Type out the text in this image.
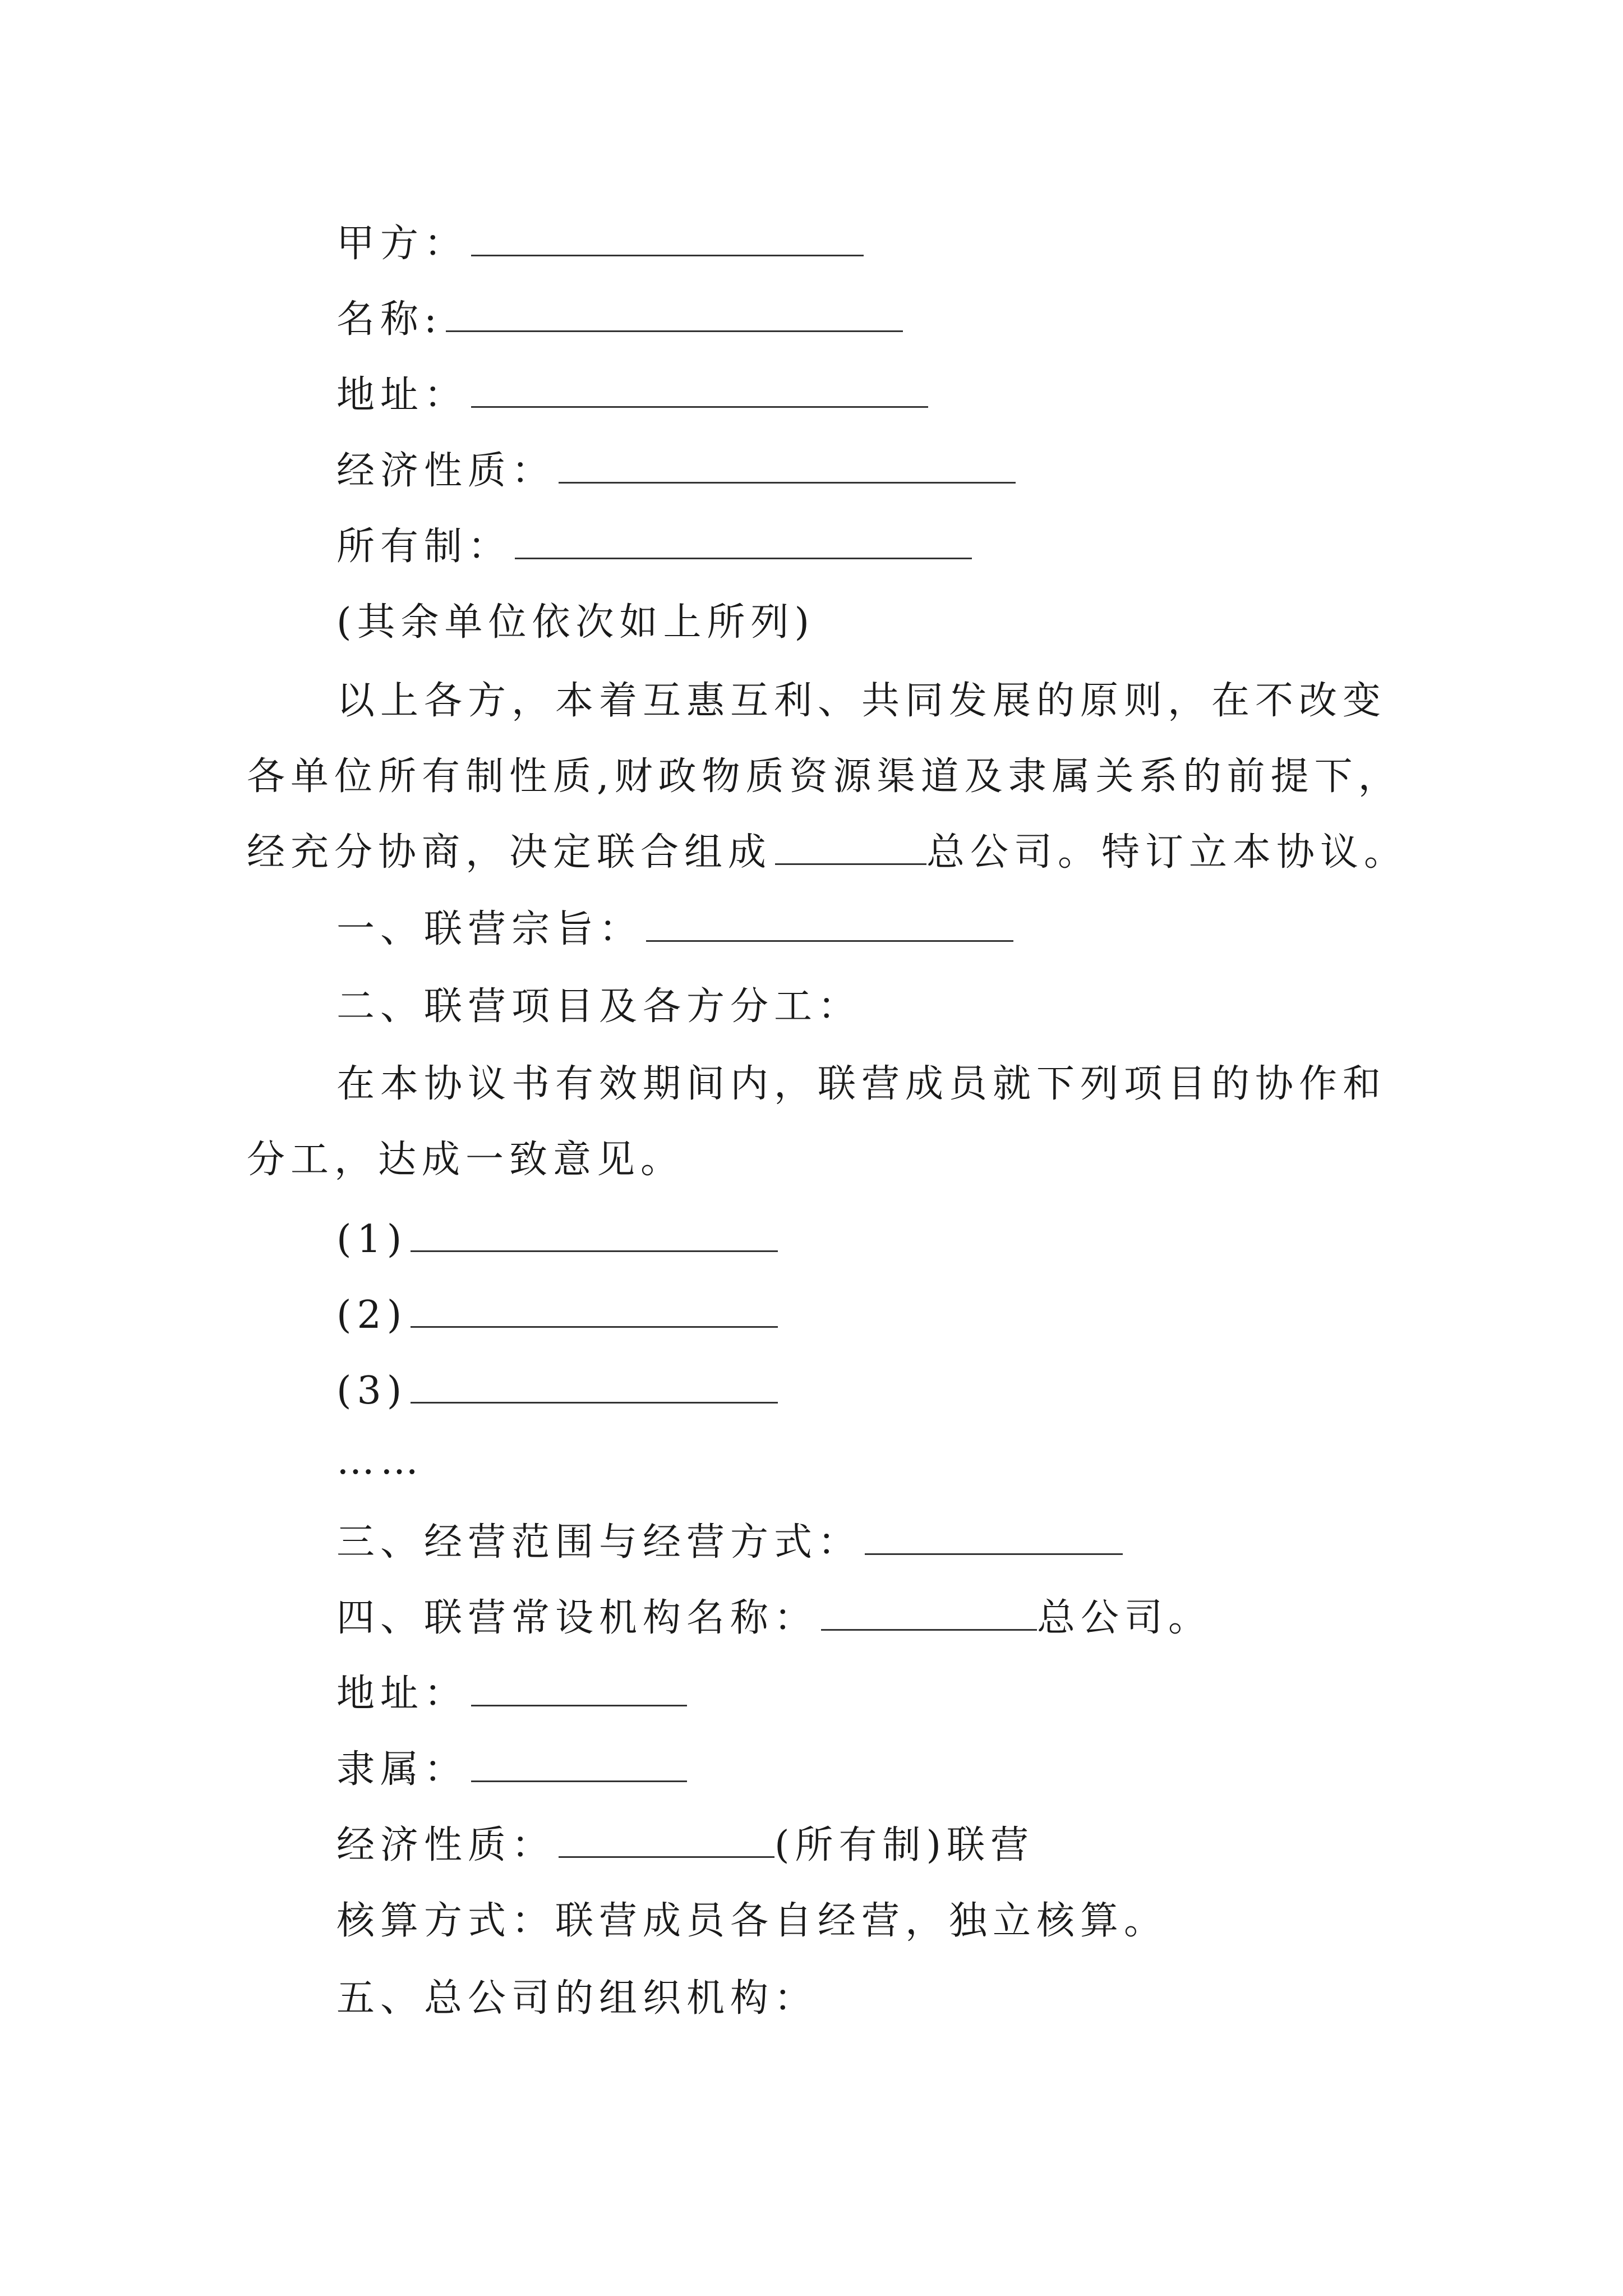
甲方：
名称:
地址：
经济性质：
所有制：
(其余单位依次如上所列)
以上各方，本着互惠互利、共同发展的原则，在不改变
各单位所有制性质,财政物质资源渠道及隶属关系的前提下，
经充分协商，决定联合组成	总公司。特订立本协议。
一、联营宗旨：
二、联营项目及各方分工：
在本协议书有效期间内，联营成员就下列项目的协作和
分工，达成一致意见。
(1)
(2)
(3)
……
三、经营范围与经营方式：
四、联营常设机构名称：	总公司。
地址：
隶属：
经济性质：	(所有制)联营
核算方式：联营成员各自经营，独立核算。
五、总公司的组织机构：
